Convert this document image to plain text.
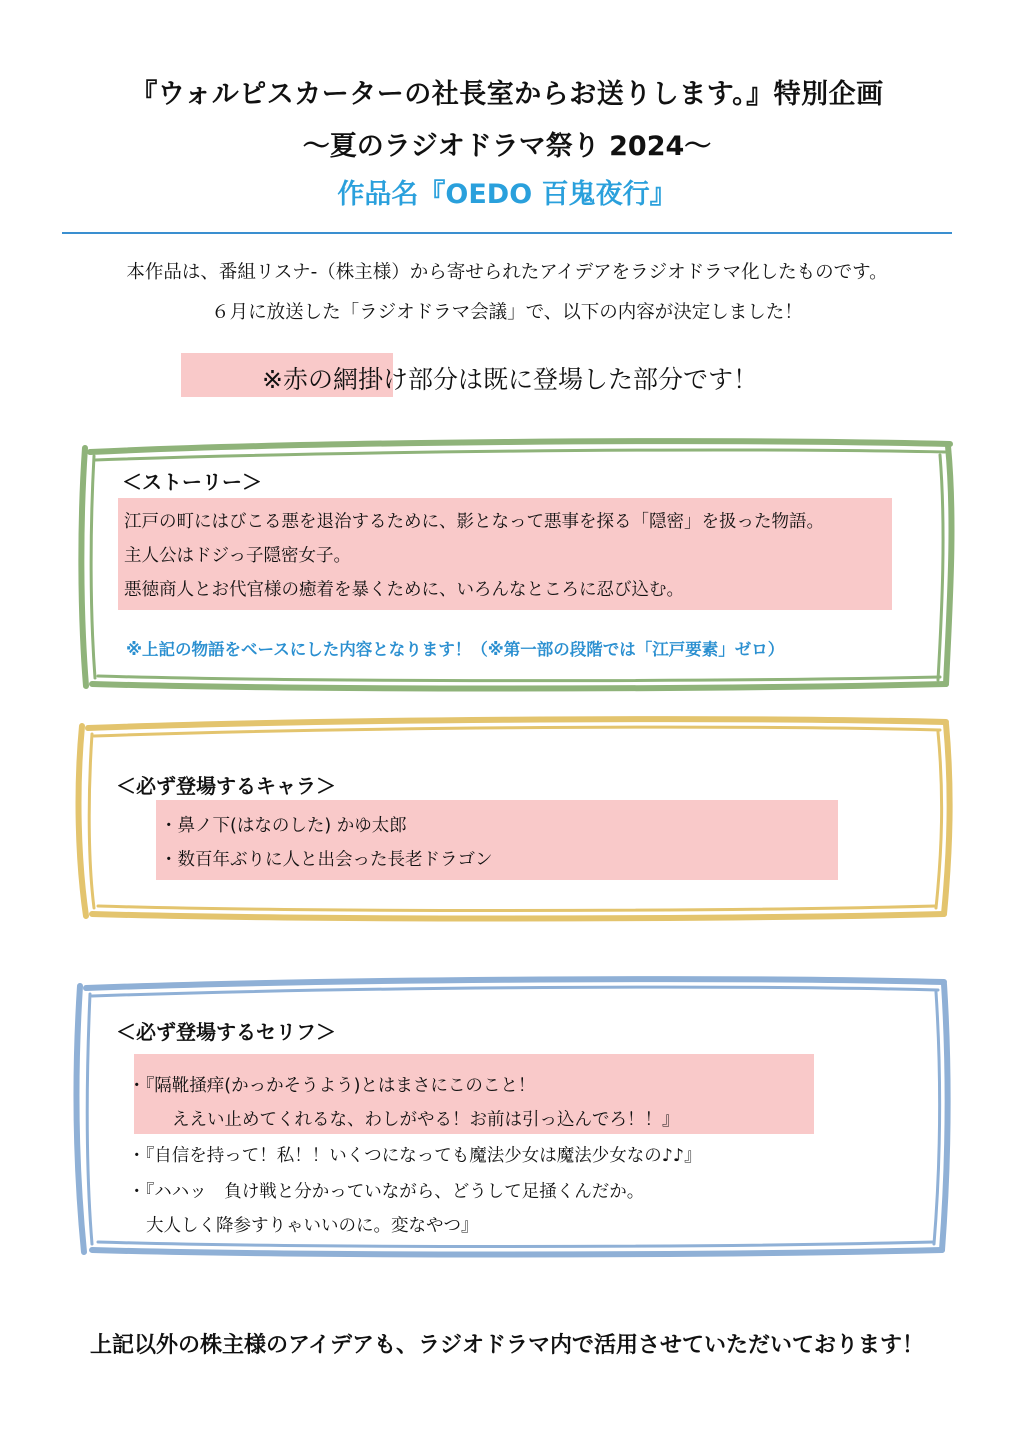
『ウォルピスカーターの社長室からお送りします。』特別企画
〜夏のラジオドラマ祭り 2024〜
作品名『OEDO 百鬼夜行』
本作品は、番組リスナ-（株主様）から寄せられたアイデアをラジオドラマ化したものです。
６月に放送した「ラジオドラマ会議」で、以下の内容が決定しました！
※赤の網掛け部分は既に登場した部分です！
＜ストーリー＞
江戸の町にはびこる悪を退治するために、影となって悪事を探る「隠密」を扱った物語。
主人公はドジっ子隠密女子。
悪徳商人とお代官様の癒着を暴くために、いろんなところに忍び込む。
※上記の物語をベースにした内容となります！（※第一部の段階では「江戸要素」ゼロ）
＜必ず登場するキャラ＞
・鼻ノ下(はなのした) かゆ太郎
・数百年ぶりに人と出会った長老ドラゴン
＜必ず登場するセリフ＞
・『隔靴掻痒(かっかそうよう)とはまさにこのこと！
ええい止めてくれるな、わしがやる！お前は引っ込んでろ！！』
・『自信を持って！私！！いくつになっても魔法少女は魔法少女なの♪♪』
・『ハハッ　負け戦と分かっていながら、どうして足掻くんだか。
大人しく降参すりゃいいのに。変なやつ』
上記以外の株主様のアイデアも、ラジオドラマ内で活用させていただいております！
